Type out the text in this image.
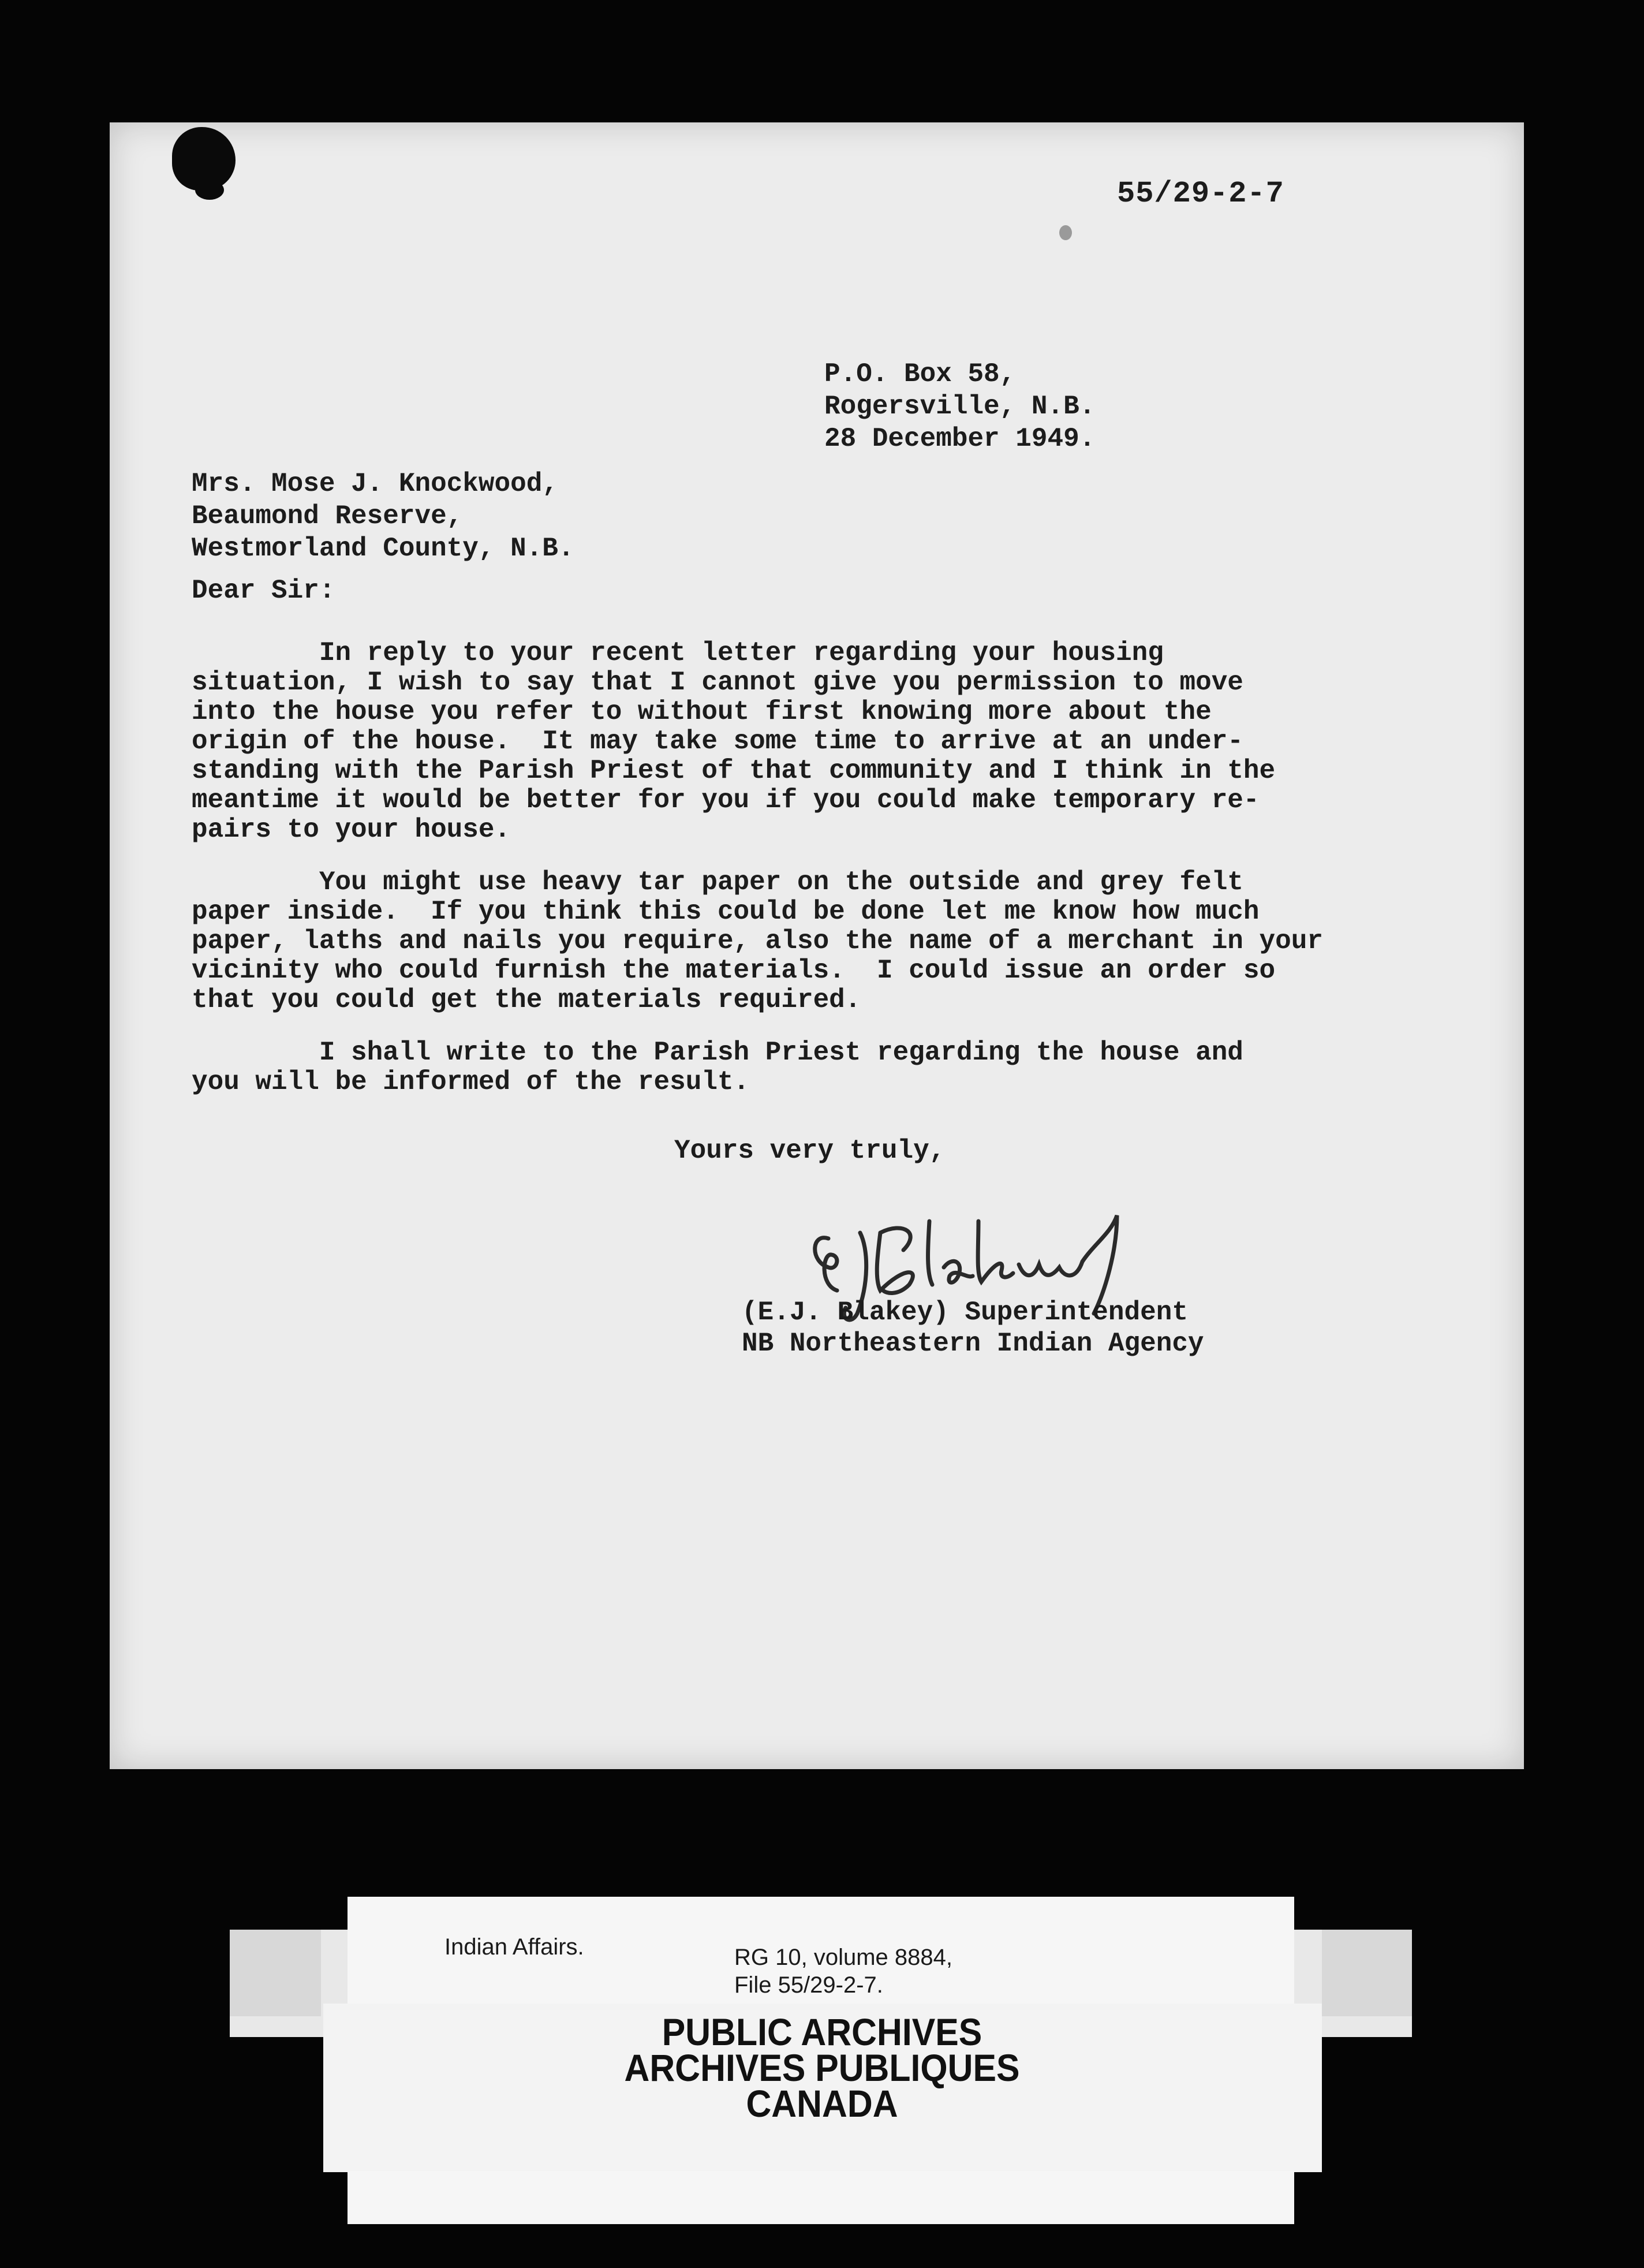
55/29-2-7
P.O. Box 58,
Rogersville, N.B.
28 December 1949.
Mrs. Mose J. Knockwood,
Beaumond Reserve,
Westmorland County, N.B.
Dear Sir:
In reply to your recent letter regarding your housing
situation, I wish to say that I cannot give you permission to move
into the house you refer to without first knowing more about the
origin of the house.  It may take some time to arrive at an under-
standing with the Parish Priest of that community and I think in the
meantime it would be better for you if you could make temporary re-
pairs to your house.
You might use heavy tar paper on the outside and grey felt
paper inside.  If you think this could be done let me know how much
paper, laths and nails you require, also the name of a merchant in your
vicinity who could furnish the materials.  I could issue an order so
that you could get the materials required.
I shall write to the Parish Priest regarding the house and
you will be informed of the result.
Yours very truly,
(E.J. Blakey) Superintendent
NB Northeastern Indian Agency
Indian Affairs.	RG 10, volume 8884,
File 55/29-2-7.
PUBLIC ARCHIVES
ARCHIVES PUBLIQUES
CANADA
